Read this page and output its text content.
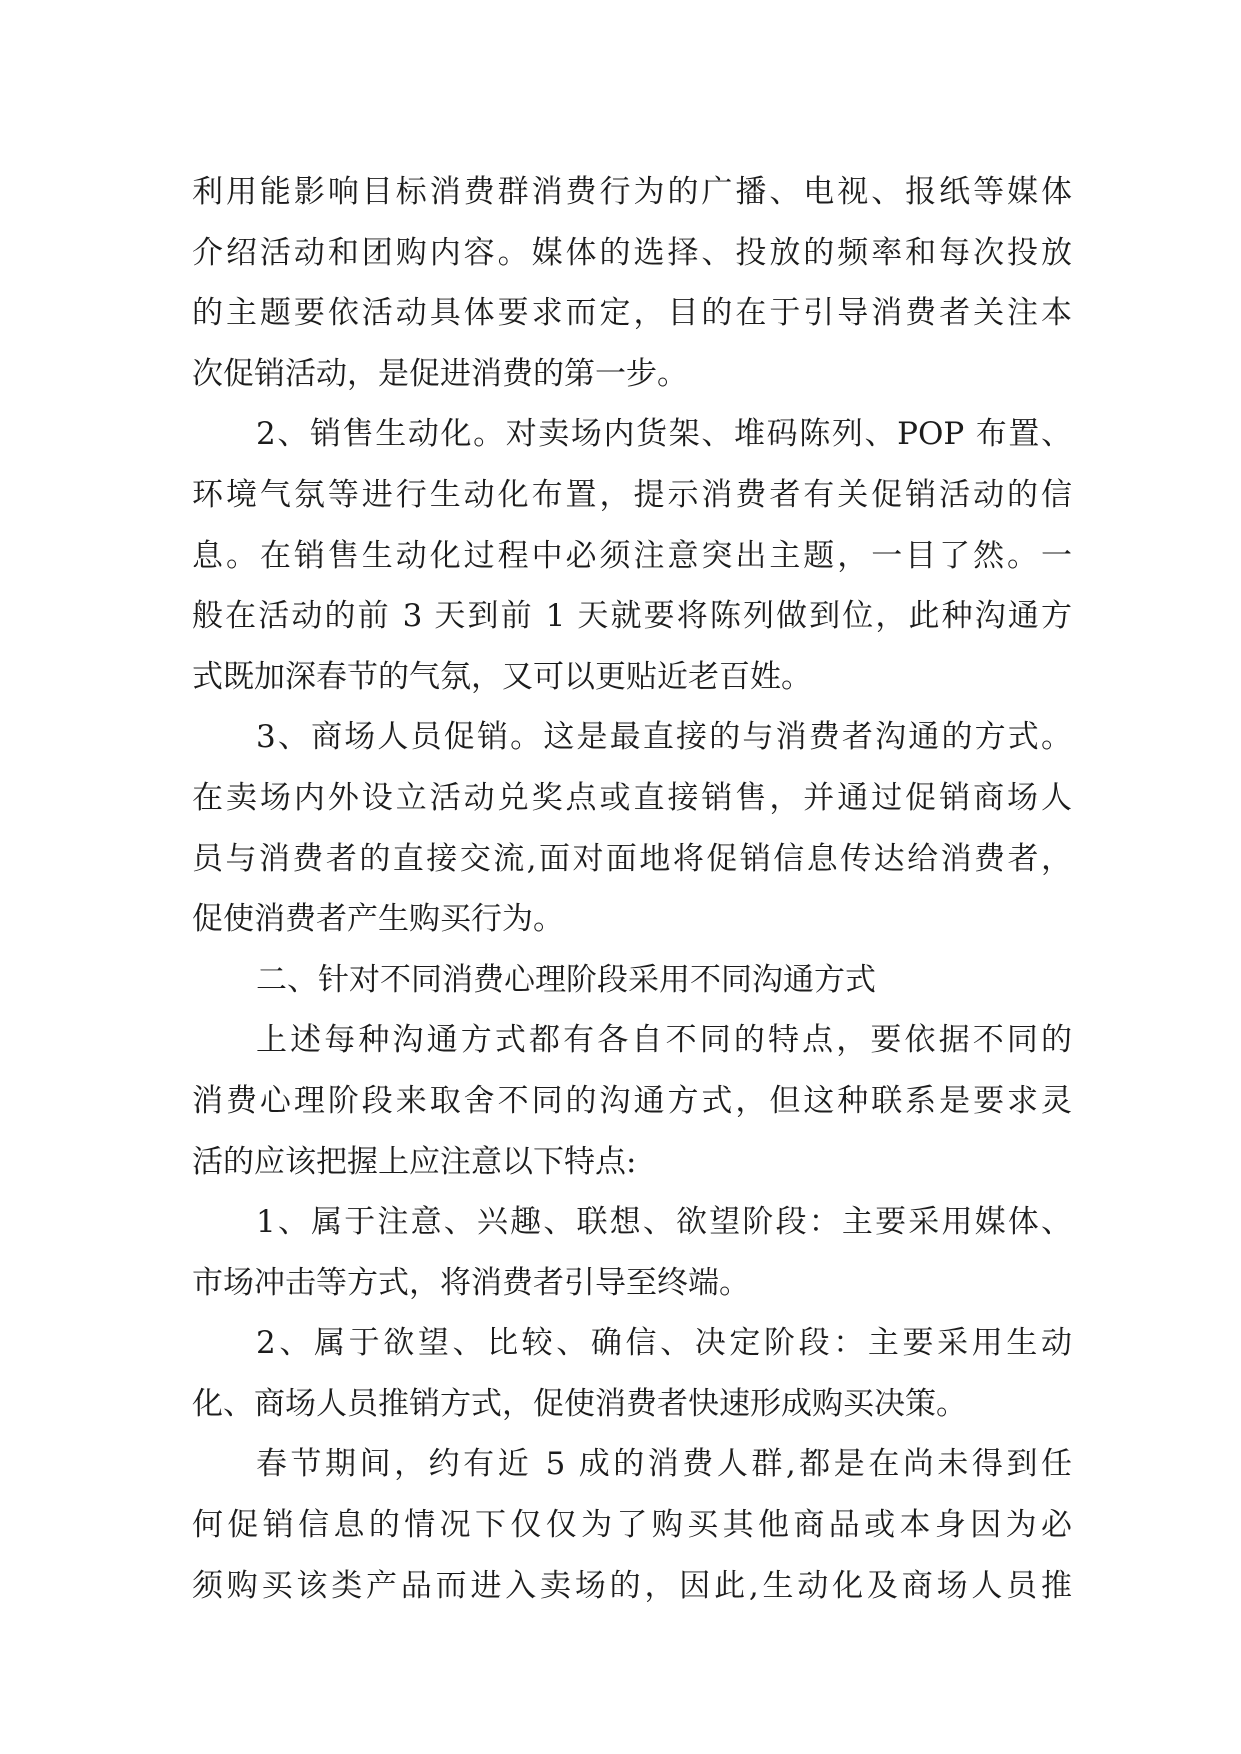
利用能影响目标消费群消费行为的广播、电视、报纸等媒体
介绍活动和团购内容。媒体的选择、投放的频率和每次投放
的主题要依活动具体要求而定，目的在于引导消费者关注本
次促销活动，是促进消费的第一步。
2、销售生动化。对卖场内货架、堆码陈列、POP 布置、
环境气氛等进行生动化布置，提示消费者有关促销活动的信
息。在销售生动化过程中必须注意突出主题，一目了然。一
般在活动的前 3 天到前 1 天就要将陈列做到位，此种沟通方
式既加深春节的气氛，又可以更贴近老百姓。
3、商场人员促销。这是最直接的与消费者沟通的方式。
在卖场内外设立活动兑奖点或直接销售，并通过促销商场人
员与消费者的直接交流,面对面地将促销信息传达给消费者，
促使消费者产生购买行为。
二、针对不同消费心理阶段采用不同沟通方式
上述每种沟通方式都有各自不同的特点，要依据不同的
消费心理阶段来取舍不同的沟通方式，但这种联系是要求灵
活的应该把握上应注意以下特点:
1、属于注意、兴趣、联想、欲望阶段：主要采用媒体、
市场冲击等方式，将消费者引导至终端。
2、属于欲望、比较、确信、决定阶段：主要采用生动
化、商场人员推销方式，促使消费者快速形成购买决策。
春节期间，约有近 5 成的消费人群,都是在尚未得到任
何促销信息的情况下仅仅为了购买其他商品或本身因为必
须购买该类产品而进入卖场的，因此,生动化及商场人员推
